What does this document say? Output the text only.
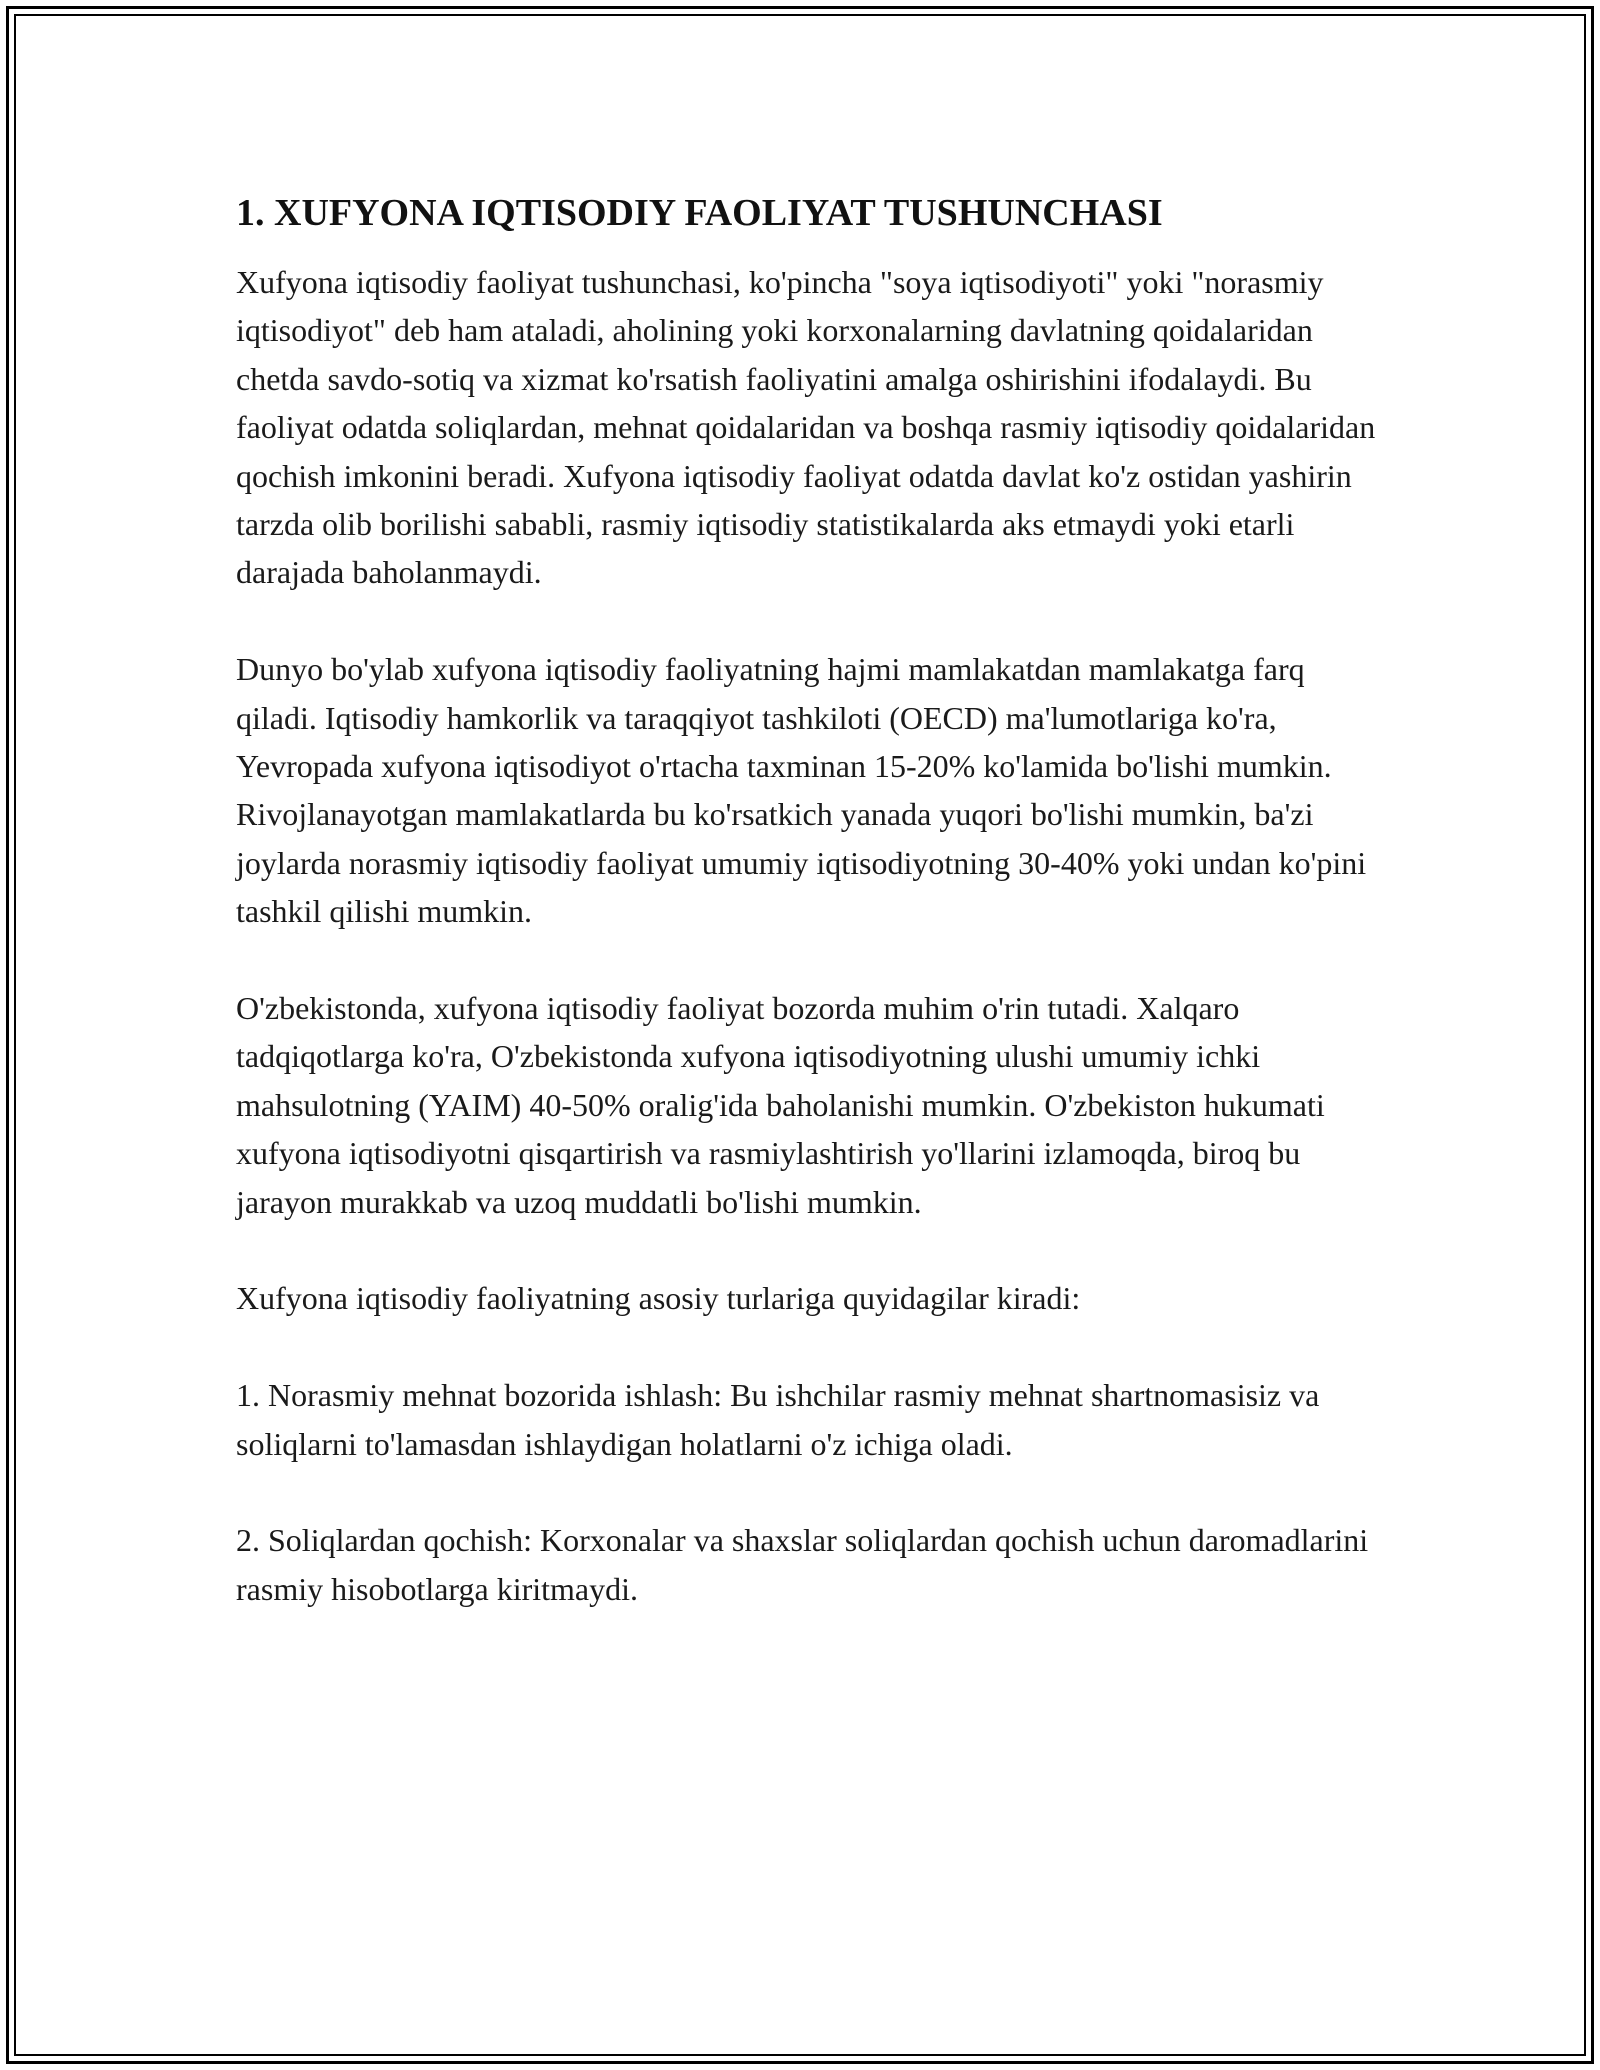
1. XUFYONA IQTISODIY FAOLIYAT TUSHUNCHASI

Xufyona iqtisodiy faoliyat tushunchasi, ko'pincha "soya iqtisodiyoti" yoki "norasmiy iqtisodiyot" deb ham ataladi, aholining yoki korxonalarning davlatning qoidalaridan chetda savdo-sotiq va xizmat ko'rsatish faoliyatini amalga oshirishini ifodalaydi. Bu faoliyat odatda soliqlardan, mehnat qoidalaridan va boshqa rasmiy iqtisodiy qoidalaridan qochish imkonini beradi. Xufyona iqtisodiy faoliyat odatda davlat ko'z ostidan yashirin tarzda olib borilishi sababli, rasmiy iqtisodiy statistikalarda aks etmaydi yoki etarli darajada baholanmaydi.

Dunyo bo'ylab xufyona iqtisodiy faoliyatning hajmi mamlakatdan mamlakatga farq qiladi. Iqtisodiy hamkorlik va taraqqiyot tashkiloti (OECD) ma'lumotlariga ko'ra, Yevropada xufyona iqtisodiyot o'rtacha taxminan 15-20% ko'lamida bo'lishi mumkin. Rivojlanayotgan mamlakatlarda bu ko'rsatkich yanada yuqori bo'lishi mumkin, ba'zi joylarda norasmiy iqtisodiy faoliyat umumiy iqtisodiyotning 30-40% yoki undan ko'pini tashkil qilishi mumkin.

O'zbekistonda, xufyona iqtisodiy faoliyat bozorda muhim o'rin tutadi. Xalqaro tadqiqotlarga ko'ra, O'zbekistonda xufyona iqtisodiyotning ulushi umumiy ichki mahsulotning (YAIM) 40-50% oralig'ida baholanishi mumkin. O'zbekiston hukumati xufyona iqtisodiyotni qisqartirish va rasmiylashtirish yo'llarini izlamoqda, biroq bu jarayon murakkab va uzoq muddatli bo'lishi mumkin.

Xufyona iqtisodiy faoliyatning asosiy turlariga quyidagilar kiradi:

1. Norasmiy mehnat bozorida ishlash: Bu ishchilar rasmiy mehnat shartnomasisiz va soliqlarni to'lamasdan ishlaydigan holatlarni o'z ichiga oladi.

2. Soliqlardan qochish: Korxonalar va shaxslar soliqlardan qochish uchun daromadlarini rasmiy hisobotlarga kiritmaydi.
